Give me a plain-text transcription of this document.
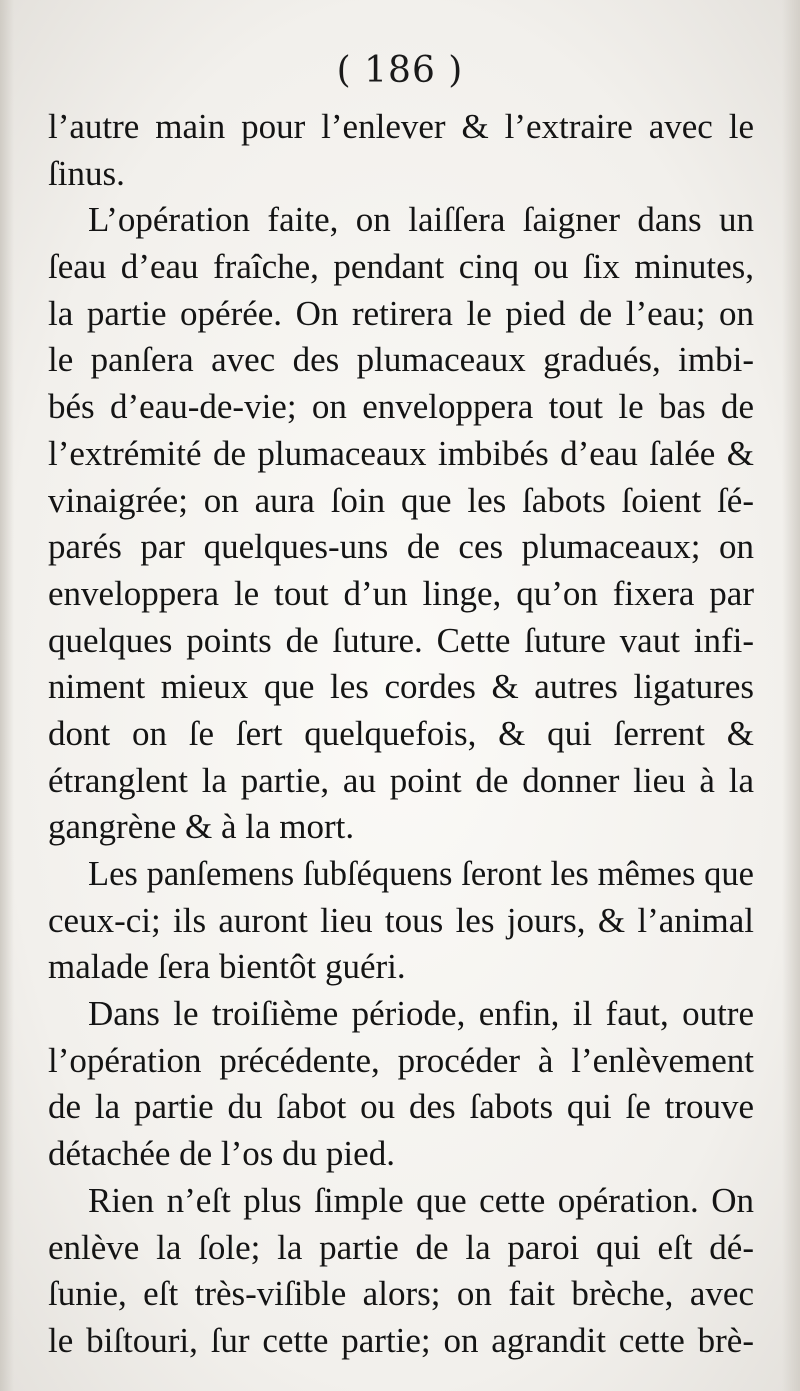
( 186 )
l’autre main pour l’enlever & l’extraire avec le
ſinus.
L’opération faite, on laiſſera ſaigner dans un
ſeau d’eau fraîche, pendant cinq ou ſix minutes,
la partie opérée. On retirera le pied de l’eau; on
le panſera avec des plumaceaux gradués, imbi-
bés d’eau-de-vie; on enveloppera tout le bas de
l’extrémité de plumaceaux imbibés d’eau ſalée &
vinaigrée; on aura ſoin que les ſabots ſoient ſé-
parés par quelques-uns de ces plumaceaux; on
enveloppera le tout d’un linge, qu’on fixera par
quelques points de ſuture. Cette ſuture vaut infi-
niment mieux que les cordes & autres ligatures
dont on ſe ſert quelquefois, & qui ſerrent &
étranglent la partie, au point de donner lieu à la
gangrène & à la mort.
Les panſemens ſubſéquens ſeront les mêmes que
ceux-ci; ils auront lieu tous les jours, & l’animal
malade ſera bientôt guéri.
Dans le troiſième période, enfin, il faut, outre
l’opération précédente, procéder à l’enlèvement
de la partie du ſabot ou des ſabots qui ſe trouve
détachée de l’os du pied.
Rien n’eſt plus ſimple que cette opération. On
enlève la ſole; la partie de la paroi qui eſt dé-
ſunie, eſt très-viſible alors; on fait brèche, avec
le biſtouri, ſur cette partie; on agrandit cette brè-
